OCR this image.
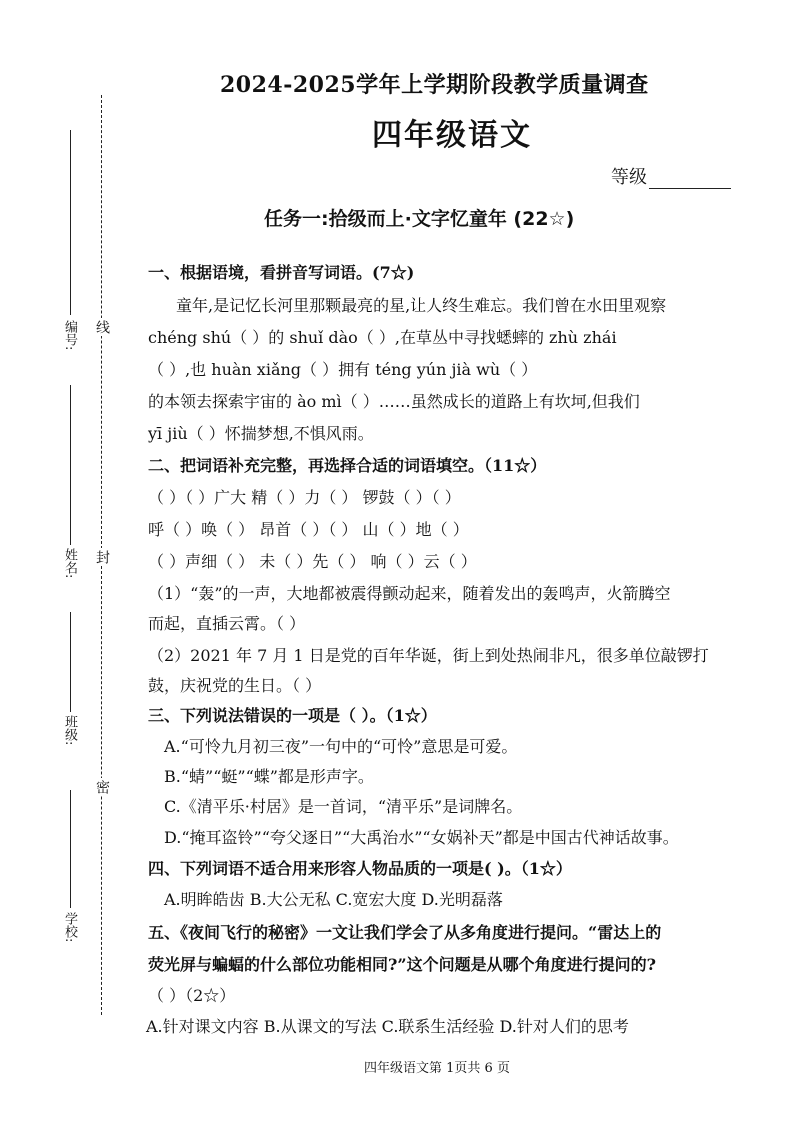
线
封
密
编号:
姓名:
班级:
学校:
2024-2025学年上学期阶段教学质量调查
四年级语文
等级
任务一:拾级而上·文字忆童年 (22☆)
一、根据语境，看拼音写词语。(7☆)
童年,是记忆长河里那颗最亮的星,让人终生难忘。我们曾在水田里观察
chéng shú（ ）的 shuǐ dào（ ）,在草丛中寻找蟋蟀的 zhù zhái
（ ）,也 huàn xiǎng（ ）拥有 téng yún jià wù（ ）
的本领去探索宇宙的 ào mì（ ）……虽然成长的道路上有坎坷,但我们
yī jiù（ ）怀揣梦想,不惧风雨。
二、把词语补充完整，再选择合适的词语填空。（11☆）
（ ）（ ）广大 精（ ）力（ ） 锣鼓（ ）（ ）
呼（ ）唤（ ） 昂首（ ）（ ） 山（ ）地（ ）
（ ）声细（ ） 未（ ）先（ ） 响（ ）云（ ）
（1）“轰”的一声，大地都被震得颤动起来，随着发出的轰鸣声，火箭腾空
而起，直插云霄。（ ）
（2）2021 年 7 月 1 日是党的百年华诞，街上到处热闹非凡，很多单位敲锣打
鼓，庆祝党的生日。（ ）
三、下列说法错误的一项是（ ）。（1☆）
A.“可怜九月初三夜”一句中的“可怜”意思是可爱。
B.“蜻”“蜓”“蝶”都是形声字。
C.《清平乐·村居》是一首词，“清平乐”是词牌名。
D.“掩耳盗铃”“夸父逐日”“大禹治水”“女娲补天”都是中国古代神话故事。
四、下列词语不适合用来形容人物品质的一项是( )。（1☆）
A.明眸皓齿 B.大公无私 C.宽宏大度 D.光明磊落
五、《夜间飞行的秘密》一文让我们学会了从多角度进行提问。“雷达上的
荧光屏与蝙蝠的什么部位功能相同?”这个问题是从哪个角度进行提问的?
（ ）（2☆）
A.针对课文内容 B.从课文的写法 C.联系生活经验 D.针对人们的思考
四年级语文第 1页共 6 页
